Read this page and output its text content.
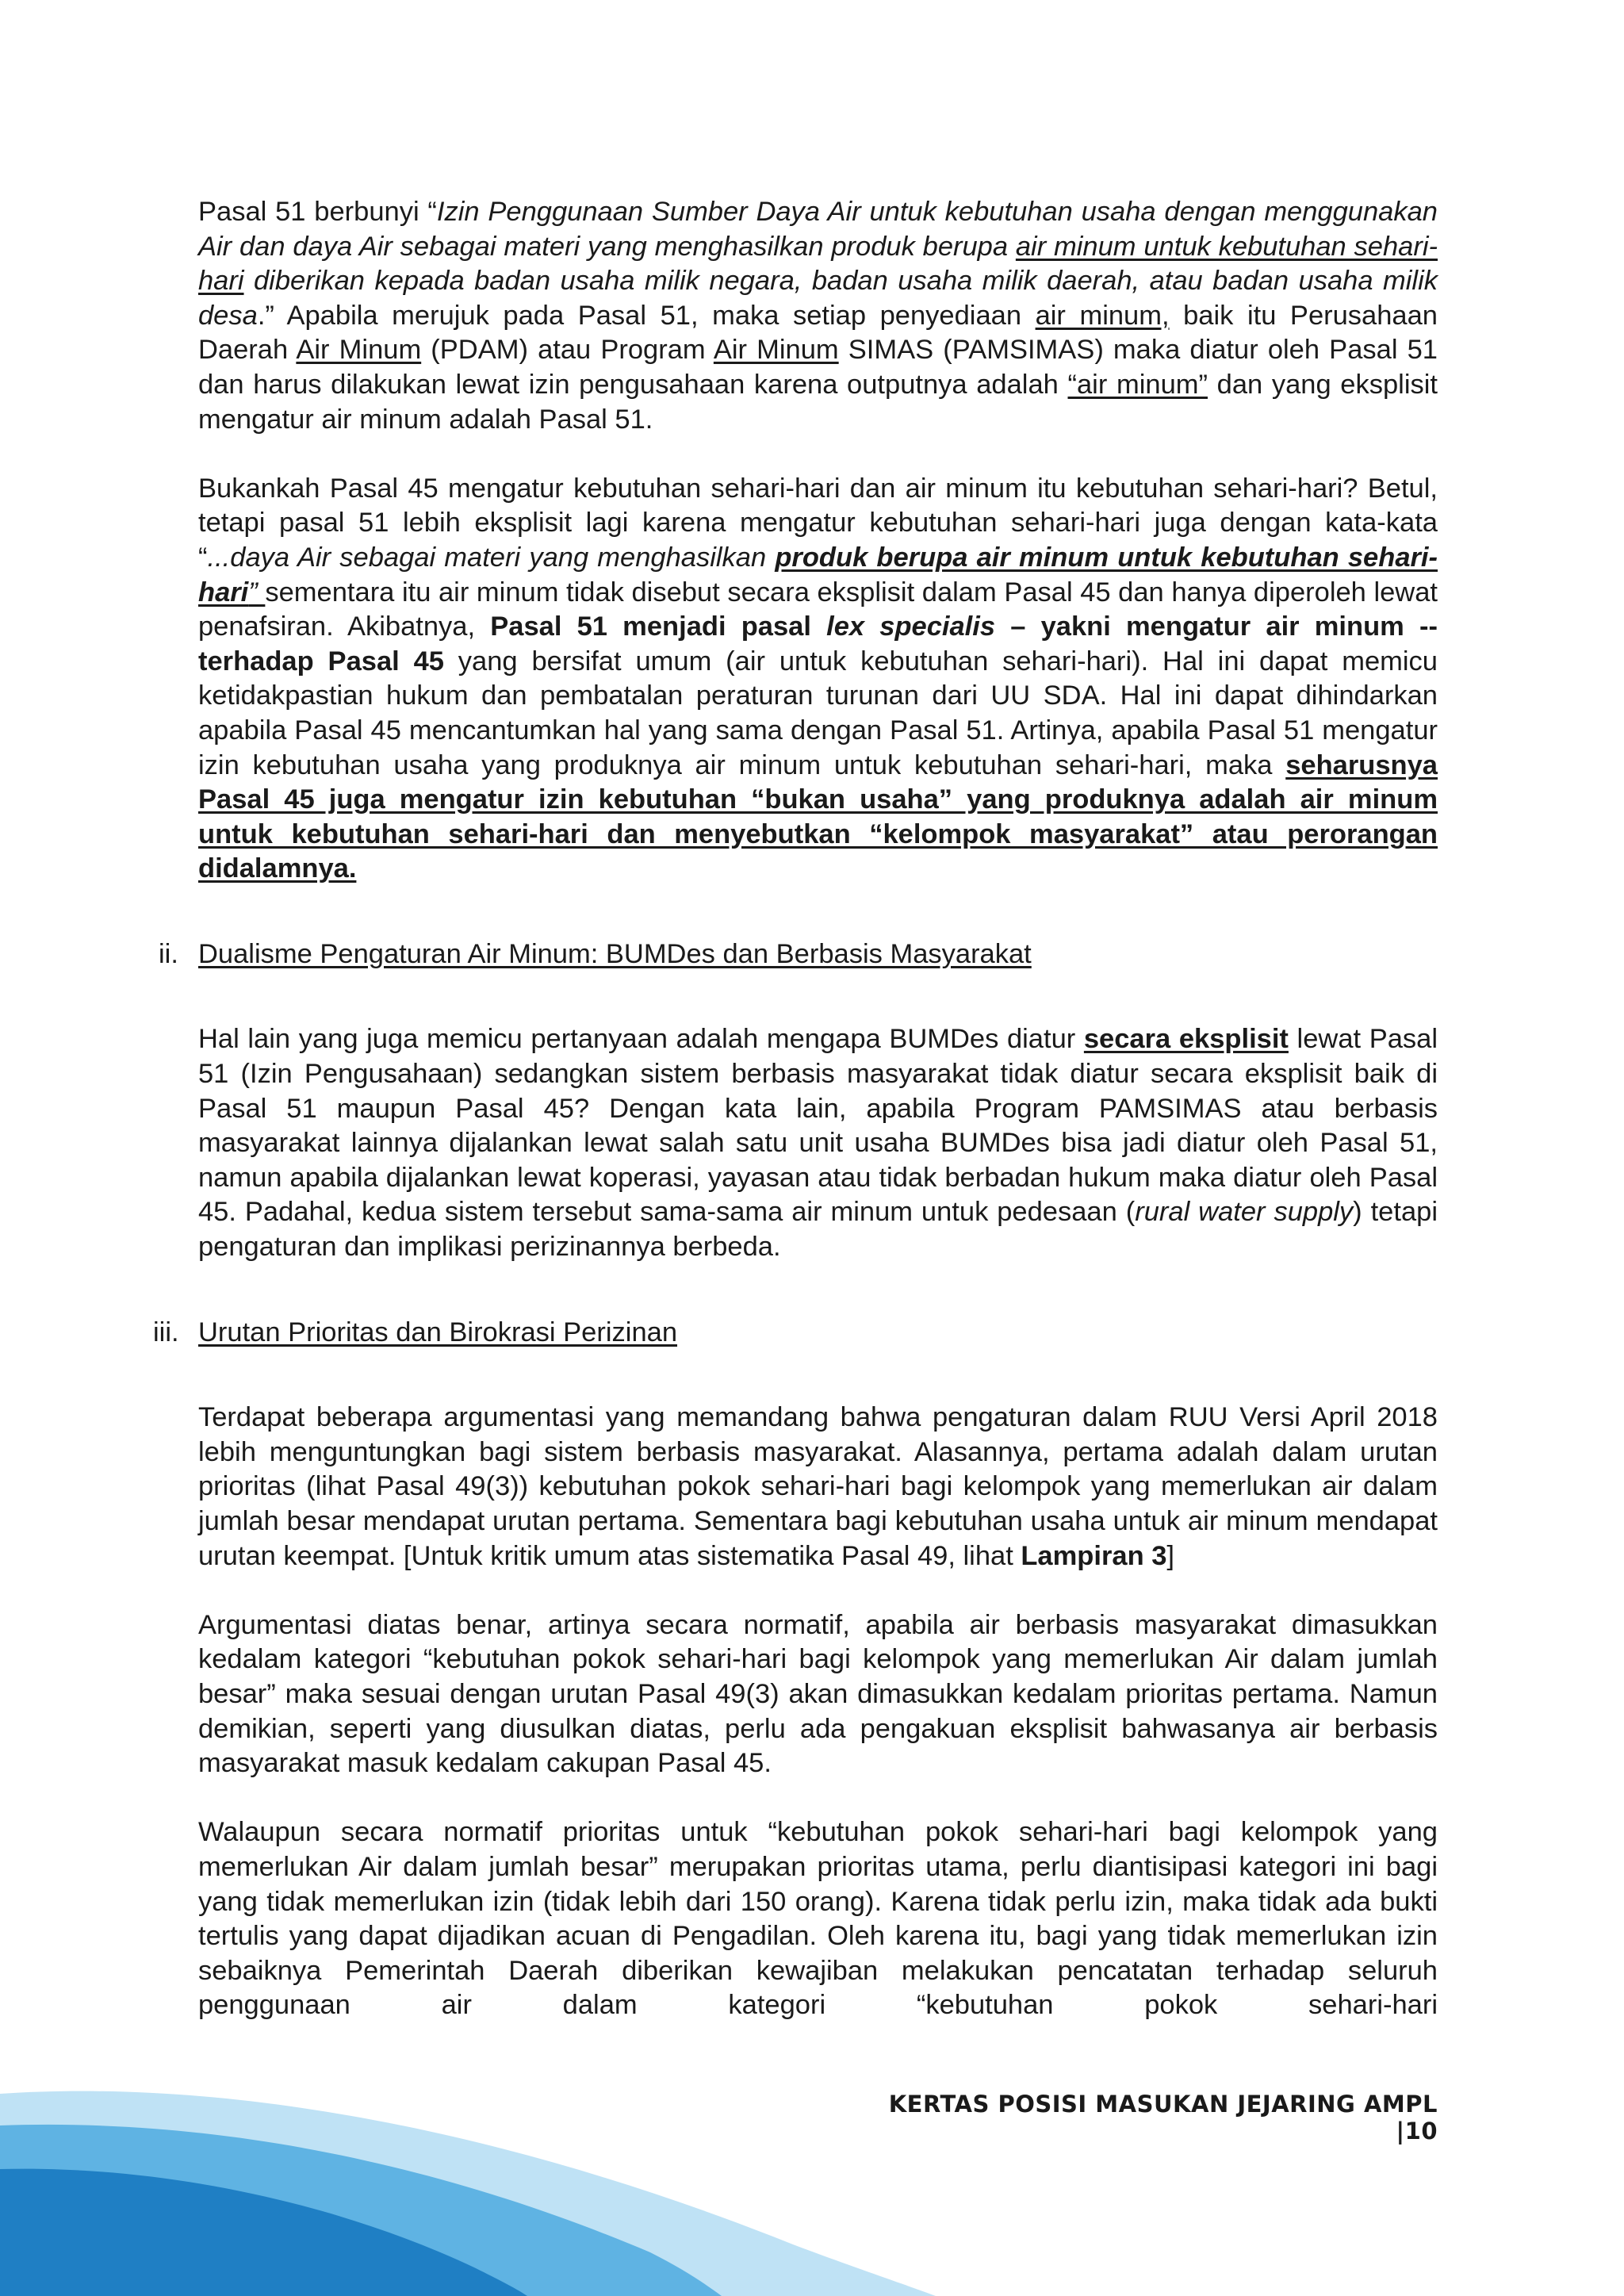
Pasal 51 berbunyi “Izin Penggunaan Sumber Daya Air untuk kebutuhan usaha dengan menggunakan Air dan daya Air sebagai materi yang menghasilkan produk berupa air minum untuk kebutuhan sehari-hari diberikan kepada badan usaha milik negara, badan usaha milik daerah, atau badan usaha milik desa.” Apabila merujuk pada Pasal 51, maka setiap penyediaan air minum, baik itu Perusahaan Daerah Air Minum (PDAM) atau Program Air Minum SIMAS (PAMSIMAS) maka diatur oleh Pasal 51 dan harus dilakukan lewat izin pengusahaan karena outputnya adalah “air minum” dan yang eksplisit mengatur air minum adalah Pasal 51.

Bukankah Pasal 45 mengatur kebutuhan sehari-hari dan air minum itu kebutuhan sehari-hari? Betul, tetapi pasal 51 lebih eksplisit lagi karena mengatur kebutuhan sehari-hari juga dengan kata-kata “...daya Air sebagai materi yang menghasilkan produk berupa air minum untuk kebutuhan sehari-hari” sementara itu air minum tidak disebut secara eksplisit dalam Pasal 45 dan hanya diperoleh lewat penafsiran. Akibatnya, Pasal 51 menjadi pasal lex specialis – yakni mengatur air minum -- terhadap Pasal 45 yang bersifat umum (air untuk kebutuhan sehari-hari). Hal ini dapat memicu ketidakpastian hukum dan pembatalan peraturan turunan dari UU SDA. Hal ini dapat dihindarkan apabila Pasal 45 mencantumkan hal yang sama dengan Pasal 51. Artinya, apabila Pasal 51 mengatur izin kebutuhan usaha yang produknya air minum untuk kebutuhan sehari-hari, maka seharusnya Pasal 45 juga mengatur izin kebutuhan “bukan usaha” yang produknya adalah air minum untuk kebutuhan sehari-hari dan menyebutkan “kelompok masyarakat” atau perorangan didalamnya.

ii. Dualisme Pengaturan Air Minum: BUMDes dan Berbasis Masyarakat

Hal lain yang juga memicu pertanyaan adalah mengapa BUMDes diatur secara eksplisit lewat Pasal 51 (Izin Pengusahaan) sedangkan sistem berbasis masyarakat tidak diatur secara eksplisit baik di Pasal 51 maupun Pasal 45? Dengan kata lain, apabila Program PAMSIMAS atau berbasis masyarakat lainnya dijalankan lewat salah satu unit usaha BUMDes bisa jadi diatur oleh Pasal 51, namun apabila dijalankan lewat koperasi, yayasan atau tidak berbadan hukum maka diatur oleh Pasal 45. Padahal, kedua sistem tersebut sama-sama air minum untuk pedesaan (rural water supply) tetapi pengaturan dan implikasi perizinannya berbeda.

iii. Urutan Prioritas dan Birokrasi Perizinan

Terdapat beberapa argumentasi yang memandang bahwa pengaturan dalam RUU Versi April 2018 lebih menguntungkan bagi sistem berbasis masyarakat. Alasannya, pertama adalah dalam urutan prioritas (lihat Pasal 49(3)) kebutuhan pokok sehari-hari bagi kelompok yang memerlukan air dalam jumlah besar mendapat urutan pertama. Sementara bagi kebutuhan usaha untuk air minum mendapat urutan keempat. [Untuk kritik umum atas sistematika Pasal 49, lihat Lampiran 3]

Argumentasi diatas benar, artinya secara normatif, apabila air berbasis masyarakat dimasukkan kedalam kategori “kebutuhan pokok sehari-hari bagi kelompok yang memerlukan Air dalam jumlah besar” maka sesuai dengan urutan Pasal 49(3) akan dimasukkan kedalam prioritas pertama. Namun demikian, seperti yang diusulkan diatas, perlu ada pengakuan eksplisit bahwasanya air berbasis masyarakat masuk kedalam cakupan Pasal 45.

Walaupun secara normatif prioritas untuk “kebutuhan pokok sehari-hari bagi kelompok yang memerlukan Air dalam jumlah besar” merupakan prioritas utama, perlu diantisipasi kategori ini bagi yang tidak memerlukan izin (tidak lebih dari 150 orang). Karena tidak perlu izin, maka tidak ada bukti tertulis yang dapat dijadikan acuan di Pengadilan. Oleh karena itu, bagi yang tidak memerlukan izin sebaiknya Pemerintah Daerah diberikan kewajiban melakukan pencatatan terhadap seluruh penggunaan air dalam kategori “kebutuhan pokok sehari-hari

KERTAS POSISI MASUKAN JEJARING AMPL |10
